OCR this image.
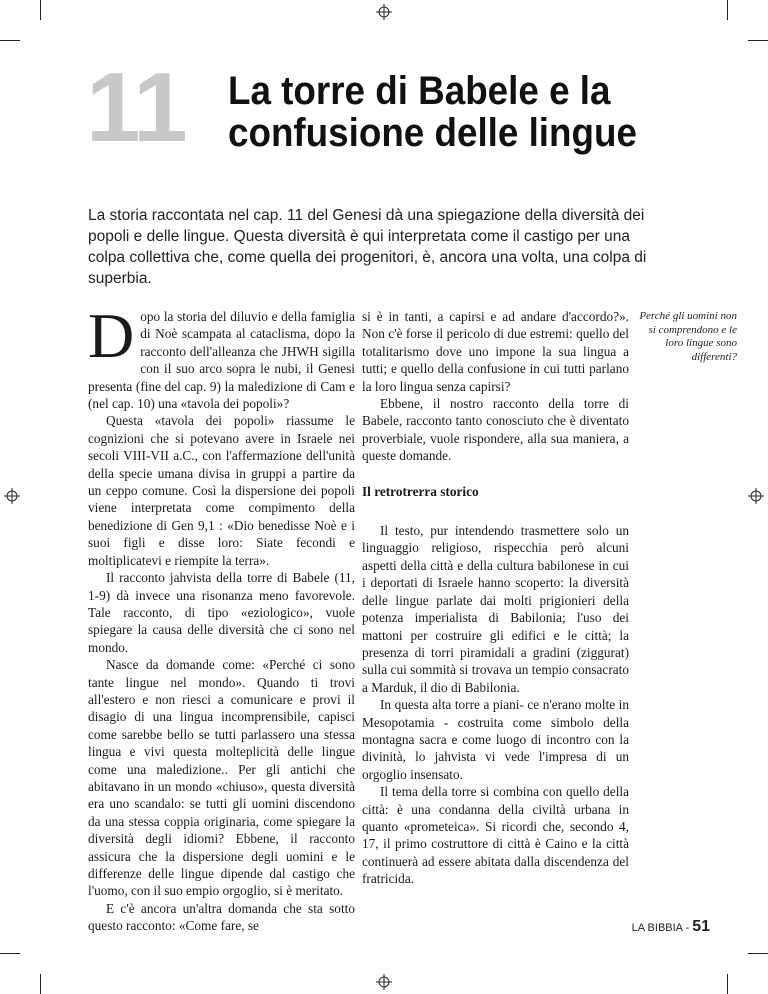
11 La torre di Babele e la
confusione delle lingue
La storia raccontata nel cap. 11 del Genesi dà una spiegazione della diversità dei popoli e delle lingue. Questa diversità è qui interpretata come il castigo per una colpa collettiva che, come quella dei progenitori, è, ancora una volta, una colpa di superbia.

Dopo la storia del diluvio e della famiglia di Noè scampata al cataclisma, dopo la racconto dell'alleanza che JHWH sigilla con il suo arco sopra le nubi, il Genesi presenta (fine del cap. 9) la maledizione di Cam e (nel cap. 10) una «tavola dei popoli»?

Questa «tavola dei popoli» riassume le cognizioni che si potevano avere in Israele nei secoli VIII-VII a.C., con l'affermazione dell'unità della specie umana divisa in gruppi a partire da un ceppo comune. Così la dispersione dei popoli viene interpretata come compimento della benedizione di Gen 9,1 : «Dio benedisse Noè e i suoi figli e disse loro: Siate fecondi e moltiplicatevi e riempite la terra».

Il racconto jahvista della torre di Babele (11, 1-9) dà invece una risonanza meno favorevole. Tale racconto, di tipo «eziologico», vuole spiegare la causa delle diversità che ci sono nel mondo.

Nasce da domande come: «Perché ci sono tante lingue nel mondo». Quando ti trovi all'estero e non riesci a comunicare e provi il disagio di una lingua incomprensibile, capisci come sarebbe bello se tutti parlassero una stessa lingua e vivi questa molteplicità delle lingue come una maledizione.. Per gli antichi che abitavano in un mondo «chiuso», questa diversità era uno scandalo: se tutti gli uomini discendono da una stessa coppia originaria, come spiegare la diversità degli idiomi? Ebbene, il racconto assicura che la dispersione degli uomini e le differenze delle lingue dipende dal castigo che l'uomo, con il suo empio orgoglio, si è meritato.

E c'è ancora un'altra domanda che sta sotto questo racconto: «Come fare, se

si è in tanti, a capirsi e ad andare d'accordo?». Non c'è forse il pericolo di due estremi: quello del totalitarismo dove uno impone la sua lingua a tutti; e quello della confusione in cui tutti parlano la loro lingua senza capirsi?

Ebbene, il nostro racconto della torre di Babele, racconto tanto conosciuto che è diventato proverbiale, vuole rispondere, alla sua maniera, a queste domande.

Il retrotrerra storico

Il testo, pur intendendo trasmettere solo un linguaggio religioso, rispecchia però alcuni aspetti della città e della cultura babilonese in cui i deportati di Israele hanno scoperto: la diversità delle lingue parlate dai molti prigionieri della potenza imperialista di Babilonia; l'uso dei mattoni per costruire gli edifici e le città; la presenza di torri piramidali a gradini (ziggurat) sulla cui sommità si trovava un tempio consacrato a Marduk, il dio di Babilonia.

In questa alta torre a piani- ce n'erano molte in Mesopotamia - costruita come simbolo della montagna sacra e come luogo di incontro con la divinità, lo jahvista vi vede l'impresa di un orgoglio insensato.

Il tema della torre si combina con quello della città: è una condanna della civiltà urbana in quanto «prometeica». Si ricordi che, secondo 4, 17, il primo costruttore di città è Caino e la città continuerà ad essere abitata dalla discendenza del fratricida.

Perché gli uomini non si comprendono e le loro lingue sono differenti?
LA BIBBIA - 51
